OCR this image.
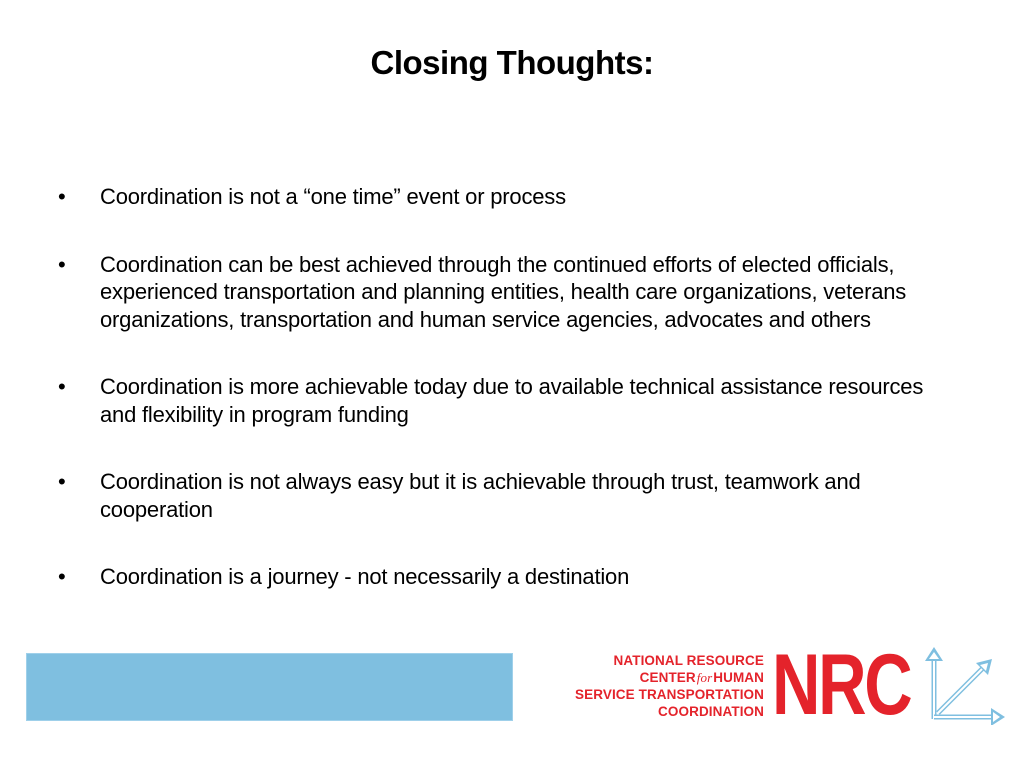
Closing Thoughts:
• Coordination is not a “one time” event or process
• Coordination can be best achieved through the continued efforts of elected officials, experienced transportation and planning entities, health care organizations, veterans organizations, transportation and human service agencies, advocates and others
• Coordination is more achievable today due to available technical assistance resources and flexibility in program funding
• Coordination is not always easy but it is achievable through trust, teamwork and cooperation
• Coordination is a journey - not necessarily a destination
NATIONAL RESOURCE
CENTERforHUMAN
SERVICE TRANSPORTATION
COORDINATION NRC
